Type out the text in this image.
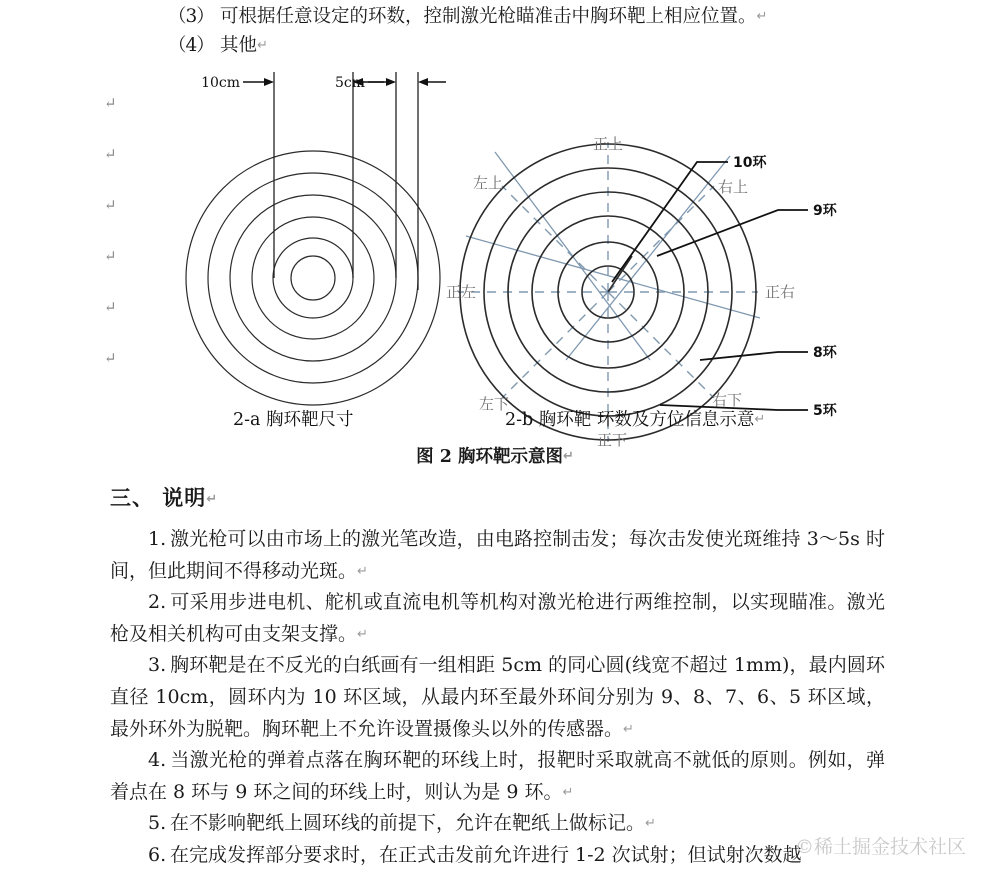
（3） 可根据任意设定的环数，控制激光枪瞄准击中胸环靶上相应位置。↵
（4） 其他↵
↵
↵
↵
↵
↵
↵
10cm	5cm
正上
左上	右上
正左	正右
左下	右下
正下
10环
9环
8环
5环
2-a 胸环靶尺寸	2-b 胸环靶 环数及方位信息示意↵
图 2 胸环靶示意图↵
三、 说明↵
1. 激光枪可以由市场上的激光笔改造，由电路控制击发；每次击发使光斑维持 3～5s 时间，但此期间不得移动光斑。↵
2. 可采用步进电机、舵机或直流电机等机构对激光枪进行两维控制，以实现瞄准。激光枪及相关机构可由支架支撑。↵
3. 胸环靶是在不反光的白纸画有一组相距 5cm 的同心圆(线宽不超过 1mm)，最内圆环直径 10cm，圆环内为 10 环区域，从最内环至最外环间分别为 9、8、7、6、5 环区域，最外环外为脱靶。胸环靶上不允许设置摄像头以外的传感器。↵
4. 当激光枪的弹着点落在胸环靶的环线上时，报靶时采取就高不就低的原则。例如，弹着点在 8 环与 9 环之间的环线上时，则认为是 9 环。↵
5. 在不影响靶纸上圆环线的前提下，允许在靶纸上做标记。↵
6. 在完成发挥部分要求时，在正式击发前允许进行 1-2 次试射；但试射次数越
©稀土掘金技术社区
